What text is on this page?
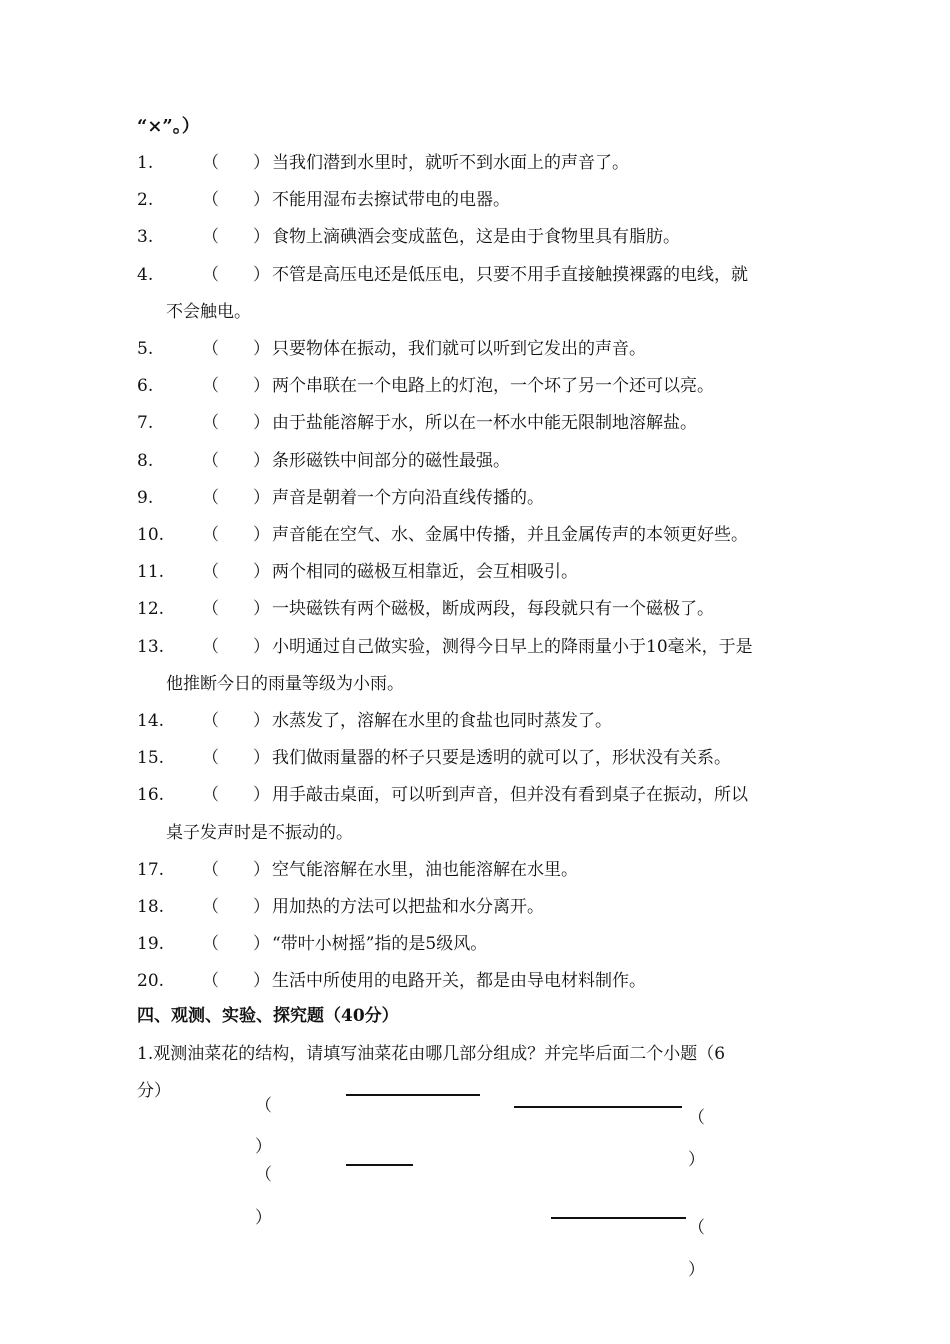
“×”。）
1.	（　　） 当我们潜到水里时，就听不到水面上的声音了。
2.	（　　） 不能用湿布去擦试带电的电器。
3.	（　　） 食物上滴碘酒会变成蓝色，这是由于食物里具有脂肪。
4.	（　　） 不管是高压电还是低压电，只要不用手直接触摸裸露的电线，就
不会触电。
5.	（　　） 只要物体在振动，我们就可以听到它发出的声音。
6.	（　　） 两个串联在一个电路上的灯泡，一个坏了另一个还可以亮。
7.	（　　） 由于盐能溶解于水，所以在一杯水中能无限制地溶解盐。
8.	（　　） 条形磁铁中间部分的磁性最强。
9.	（　　） 声音是朝着一个方向沿直线传播的。
10.	（　　） 声音能在空气、水、金属中传播，并且金属传声的本领更好些。
11.	（　　） 两个相同的磁极互相靠近，会互相吸引。
12.	（　　） 一块磁铁有两个磁极，断成两段，每段就只有一个磁极了。
13.	（　　） 小明通过自己做实验，测得今日早上的降雨量小于10毫米，于是
他推断今日的雨量等级为小雨。
14.	（　　） 水蒸发了，溶解在水里的食盐也同时蒸发了。
15.	（　　） 我们做雨量器的杯子只要是透明的就可以了，形状没有关系。
16.	（　　） 用手敲击桌面，可以听到声音，但并没有看到桌子在振动，所以
桌子发声时是不振动的。
17.	（　　） 空气能溶解在水里，油也能溶解在水里。
18.	（　　） 用加热的方法可以把盐和水分离开。
19.	（　　） “带叶小树摇”指的是5级风。
20.	（　　） 生活中所使用的电路开关，都是由导电材料制作。
四、观测、实验、探究题（40分）
1.观测油菜花的结构，请填写油菜花由哪几部分组成？并完毕后面二个小题（6
分）
（
）
（
）
（
）
（
）
